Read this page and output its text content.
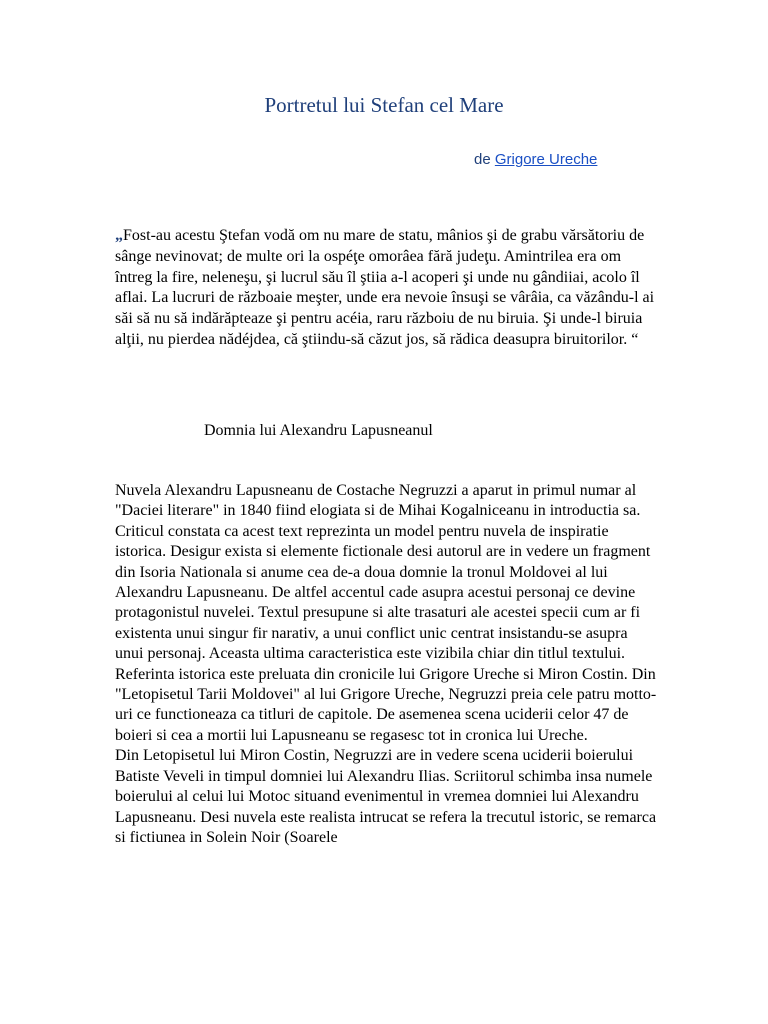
Portretul lui Stefan cel Mare
de Grigore Ureche

„Fost-au acestu Ştefan vodă om nu mare de statu, mânios şi de grabu vărsătoriu de sânge nevinovat; de multe ori la ospéţe omorâea fără judeţu. Amintrilea era om întreg la fire, neleneşu, şi lucrul său îl ştiia a-l acoperi şi unde nu gândiiai, acolo îl aflai. La lucruri de războaie meşter, unde era nevoie însuşi se vârâia, ca văzându-l ai săi să nu să indărăpteaze şi pentru acéia, raru războiu de nu biruia. Şi unde-l biruia alţii, nu pierdea nădéjdea, că ştiindu-să căzut jos, să rădica deasupra biruitorilor. “

Domnia lui Alexandru Lapusneanul

Nuvela Alexandru Lapusneanu de Costache Negruzzi a aparut in primul numar al "Daciei literare" in 1840 fiind elogiata si de Mihai Kogalniceanu in introductia sa. Criticul constata ca acest text reprezinta un model pentru nuvela de inspiratie istorica. Desigur exista si elemente fictionale desi autorul are in vedere un fragment din Isoria Nationala si anume cea de-a doua domnie la tronul Moldovei al lui Alexandru Lapusneanu. De altfel accentul cade asupra acestui personaj ce devine protagonistul nuvelei. Textul presupune si alte trasaturi ale acestei specii cum ar fi existenta unui singur fir narativ, a unui conflict unic centrat insistandu-se asupra unui personaj. Aceasta ultima caracteristica este vizibila chiar din titlul textului.

Referinta istorica este preluata din cronicile lui Grigore Ureche si Miron Costin. Din "Letopisetul Tarii Moldovei" al lui Grigore Ureche, Negruzzi preia cele patru motto-uri ce functioneaza ca titluri de capitole. De asemenea scena uciderii celor 47 de boieri si cea a mortii lui Lapusneanu se regasesc tot in cronica lui Ureche.

Din Letopisetul lui Miron Costin, Negruzzi are in vedere scena uciderii boierului Batiste Veveli in timpul domniei lui Alexandru Ilias. Scriitorul schimba insa numele boierului al celui lui Motoc situand evenimentul in vremea domniei lui Alexandru Lapusneanu. Desi nuvela este realista intrucat se refera la trecutul istoric, se remarca si fictiunea in Solein Noir (Soarele
